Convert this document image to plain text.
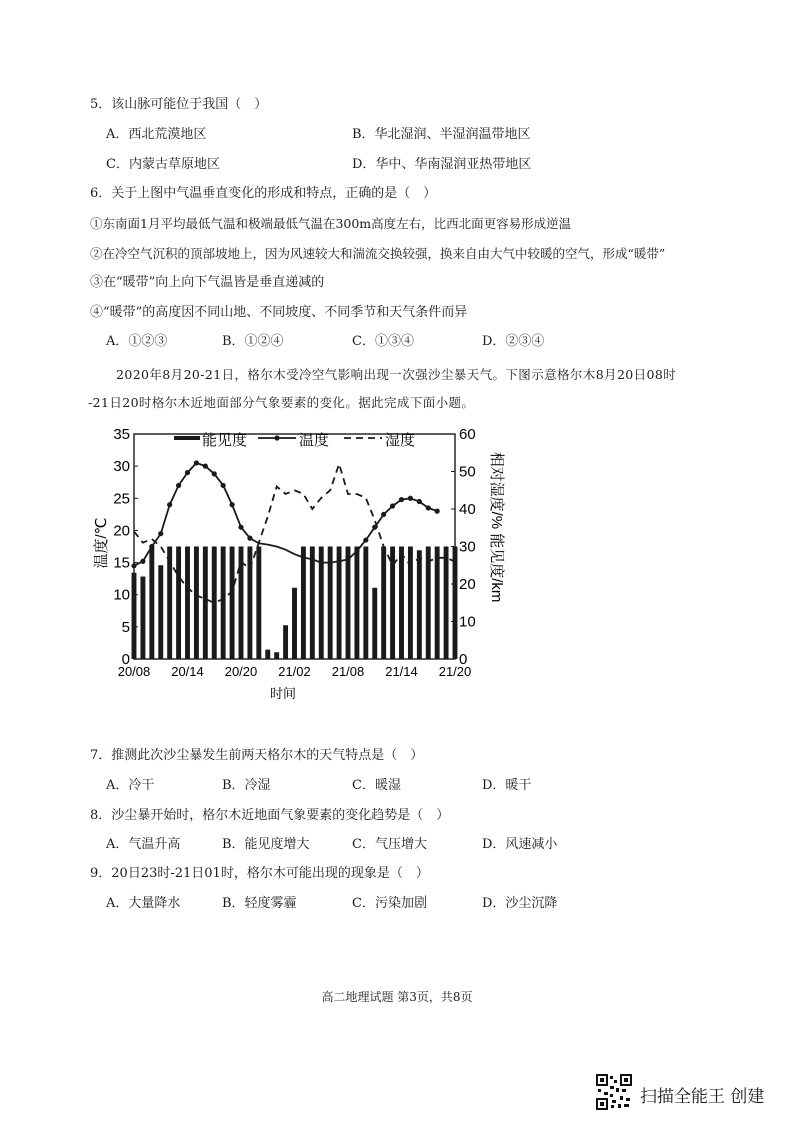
5．该山脉可能位于我国（　）
A．西北荒漠地区	B．华北湿润、半湿润温带地区
C．内蒙古草原地区	D．华中、华南湿润亚热带地区
6．关于上图中气温垂直变化的形成和特点，正确的是（　）
①东南面1月平均最低气温和极端最低气温在300m高度左右，比西北面更容易形成逆温
②在冷空气沉积的顶部坡地上，因为风速较大和湍流交换较强，换来自由大气中较暖的空气，形成“暖带”
③在“暖带”向上向下气温皆是垂直递减的
④“暖带”的高度因不同山地、不同坡度、不同季节和天气条件而异
A．①②③	B．①②④	C．①③④	D．②③④
2020年8月20-21日，格尔木受冷空气影响出现一次强沙尘暴天气。下图示意格尔木8月20日08时
-21日20时格尔木近地面部分气象要素的变化。据此完成下面小题。
0
5
10
15
20
25
30
35
0
10
20
30
40
50
60
20/08 20/14 20/20 21/02 21/08 21/14 21/20
能见度	温度	湿度
时间
温度/℃	相对湿度/% 能见度/km
7．推测此次沙尘暴发生前两天格尔木的天气特点是（　）
A．冷干	B．冷湿	C．暖湿	D．暖干
8．沙尘暴开始时，格尔木近地面气象要素的变化趋势是（　）
A．气温升高	B．能见度增大	C．气压增大	D．风速减小
9．20日23时-21日01时，格尔木可能出现的现象是（　）
A．大量降水	B．轻度雾霾	C．污染加剧	D．沙尘沉降
高二地理试题 第3页，共8页
扫描全能王 创建
